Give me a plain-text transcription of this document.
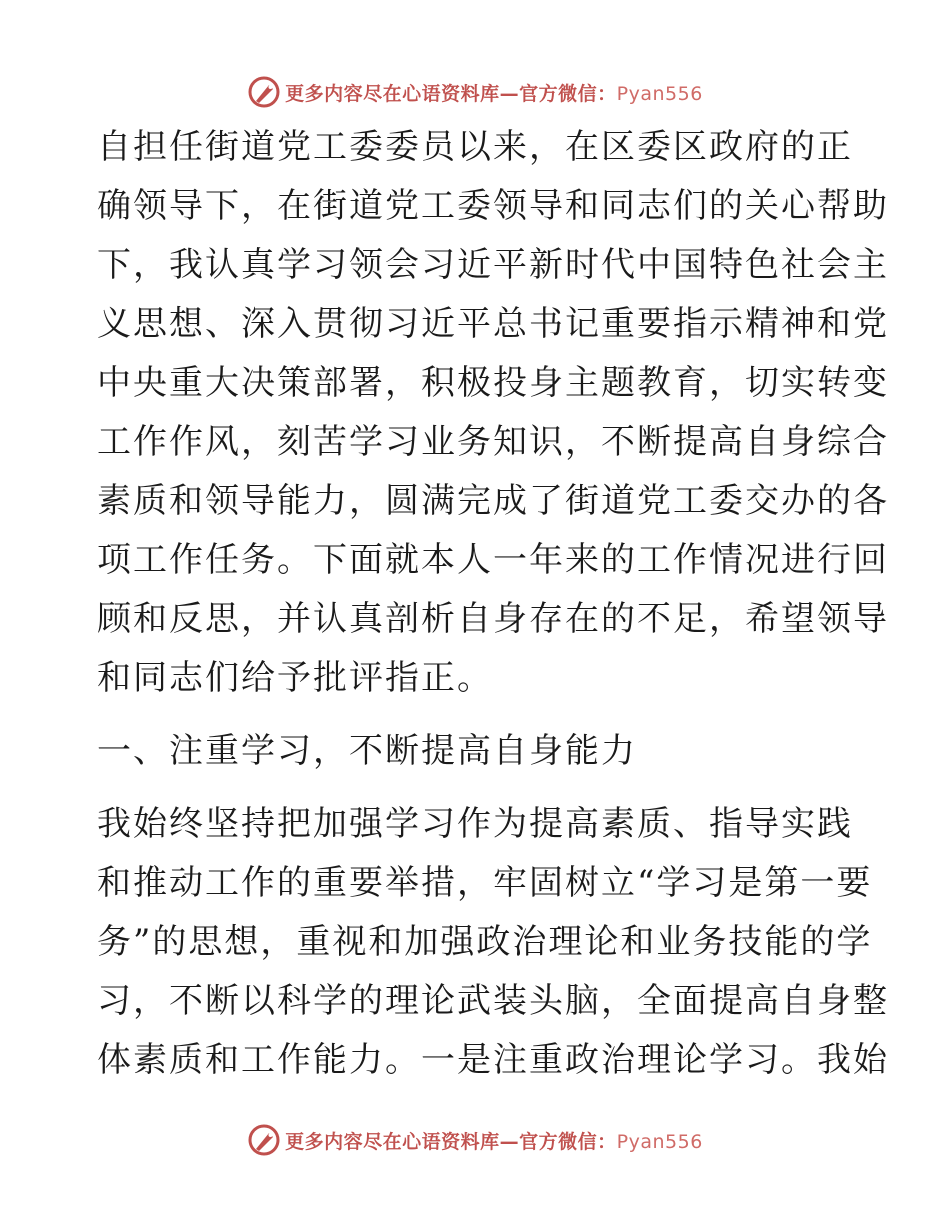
更多内容尽在心语资料库—官方微信：Pyan556
自担任街道党工委委员以来，在区委区政府的正
确领导下，在街道党工委领导和同志们的关心帮助
下，我认真学习领会习近平新时代中国特色社会主
义思想、深入贯彻习近平总书记重要指示精神和党
中央重大决策部署，积极投身主题教育，切实转变
工作作风，刻苦学习业务知识，不断提高自身综合
素质和领导能力，圆满完成了街道党工委交办的各
项工作任务。下面就本人一年来的工作情况进行回
顾和反思，并认真剖析自身存在的不足，希望领导
和同志们给予批评指正。
一、注重学习，不断提高自身能力
我始终坚持把加强学习作为提高素质、指导实践
和推动工作的重要举措，牢固树立“学习是第一要
务”的思想，重视和加强政治理论和业务技能的学
习，不断以科学的理论武装头脑，全面提高自身整
体素质和工作能力。一是注重政治理论学习。我始
更多内容尽在心语资料库—官方微信：Pyan556
